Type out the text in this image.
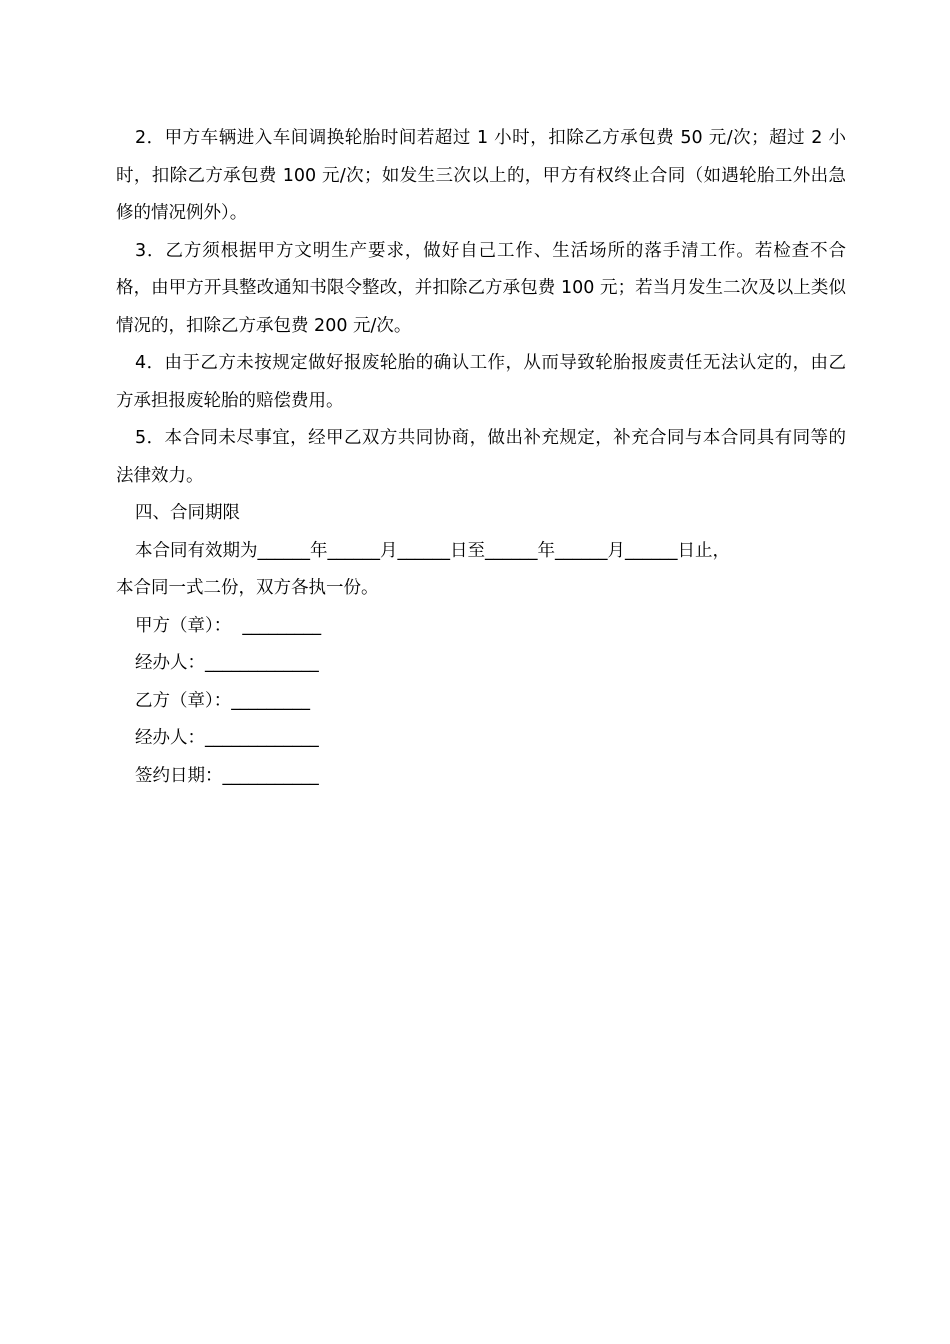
2．甲方车辆进入车间调换轮胎时间若超过 1 小时，扣除乙方承包费 50 元/次；超过 2 小时，扣除乙方承包费 100 元/次；如发生三次以上的，甲方有权终止合同（如遇轮胎工外出急修的情况例外）。

3．乙方须根据甲方文明生产要求，做好自己工作、生活场所的落手清工作。若检查不合格，由甲方开具整改通知书限令整改，并扣除乙方承包费 100 元；若当月发生二次及以上类似情况的，扣除乙方承包费 200 元/次。

4．由于乙方未按规定做好报废轮胎的确认工作，从而导致轮胎报废责任无法认定的，由乙方承担报废轮胎的赔偿费用。

5．本合同未尽事宜，经甲乙双方共同协商，做出补充规定，补充合同与本合同具有同等的法律效力。

四、合同期限

本合同有效期为______年______月______日至______年______月______日止，

本合同一式二份，双方各执一份。

甲方（章）：  _________

经办人：_____________

乙方（章）：_________

经办人：_____________

签约日期：___________
